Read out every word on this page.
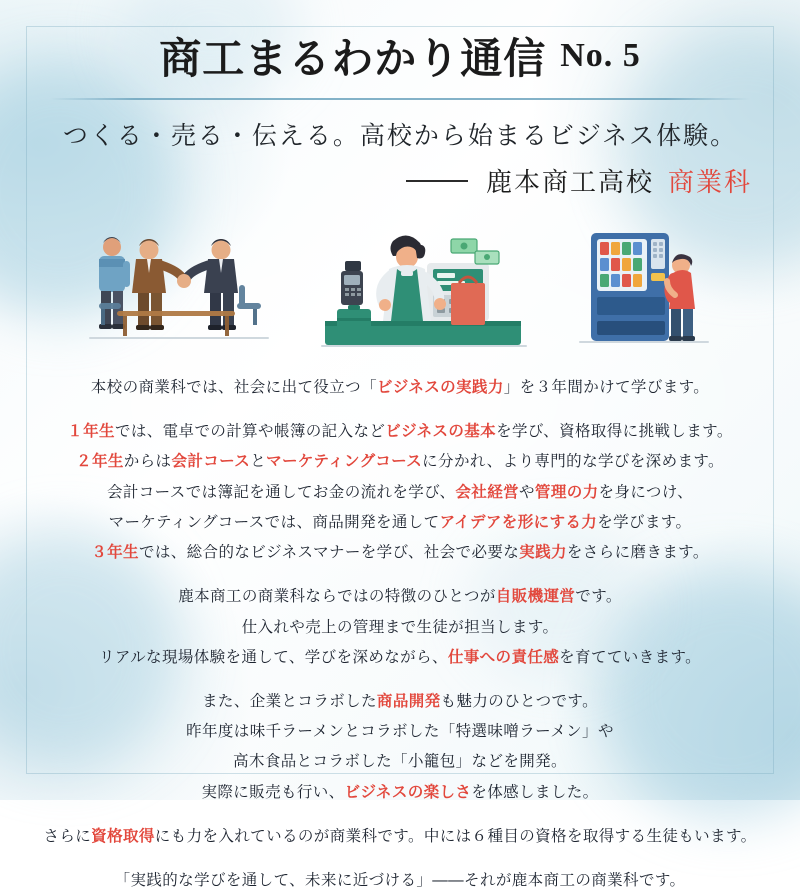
商工まるわかり通信 No. 5
つくる・売る・伝える。高校から始まるビジネス体験。
鹿本商工高校 商業科

本校の商業科では、社会に出て役立つ「ビジネスの実践力」を３年間かけて学びます。

１年生では、電卓での計算や帳簿の記入などビジネスの基本を学び、資格取得に挑戦します。
２年生からは会計コースとマーケティングコースに分かれ、より専門的な学びを深めます。
会計コースでは簿記を通してお金の流れを学び、会社経営や管理の力を身につけ、
マーケティングコースでは、商品開発を通してアイデアを形にする力を学びます。
３年生では、総合的なビジネスマナーを学び、社会で必要な実践力をさらに磨きます。

鹿本商工の商業科ならではの特徴のひとつが自販機運営です。
仕入れや売上の管理まで生徒が担当します。
リアルな現場体験を通して、学びを深めながら、仕事への責任感を育てていきます。

また、企業とコラボした商品開発も魅力のひとつです。
昨年度は味千ラーメンとコラボした「特選味噌ラーメン」や
高木食品とコラボした「小籠包」などを開発。
実際に販売も行い、ビジネスの楽しさを体感しました。

さらに資格取得にも力を入れているのが商業科です。中には６種目の資格を取得する生徒もいます。

「実践的な学びを通して、未来に近づける」——それが鹿本商工の商業科です。
